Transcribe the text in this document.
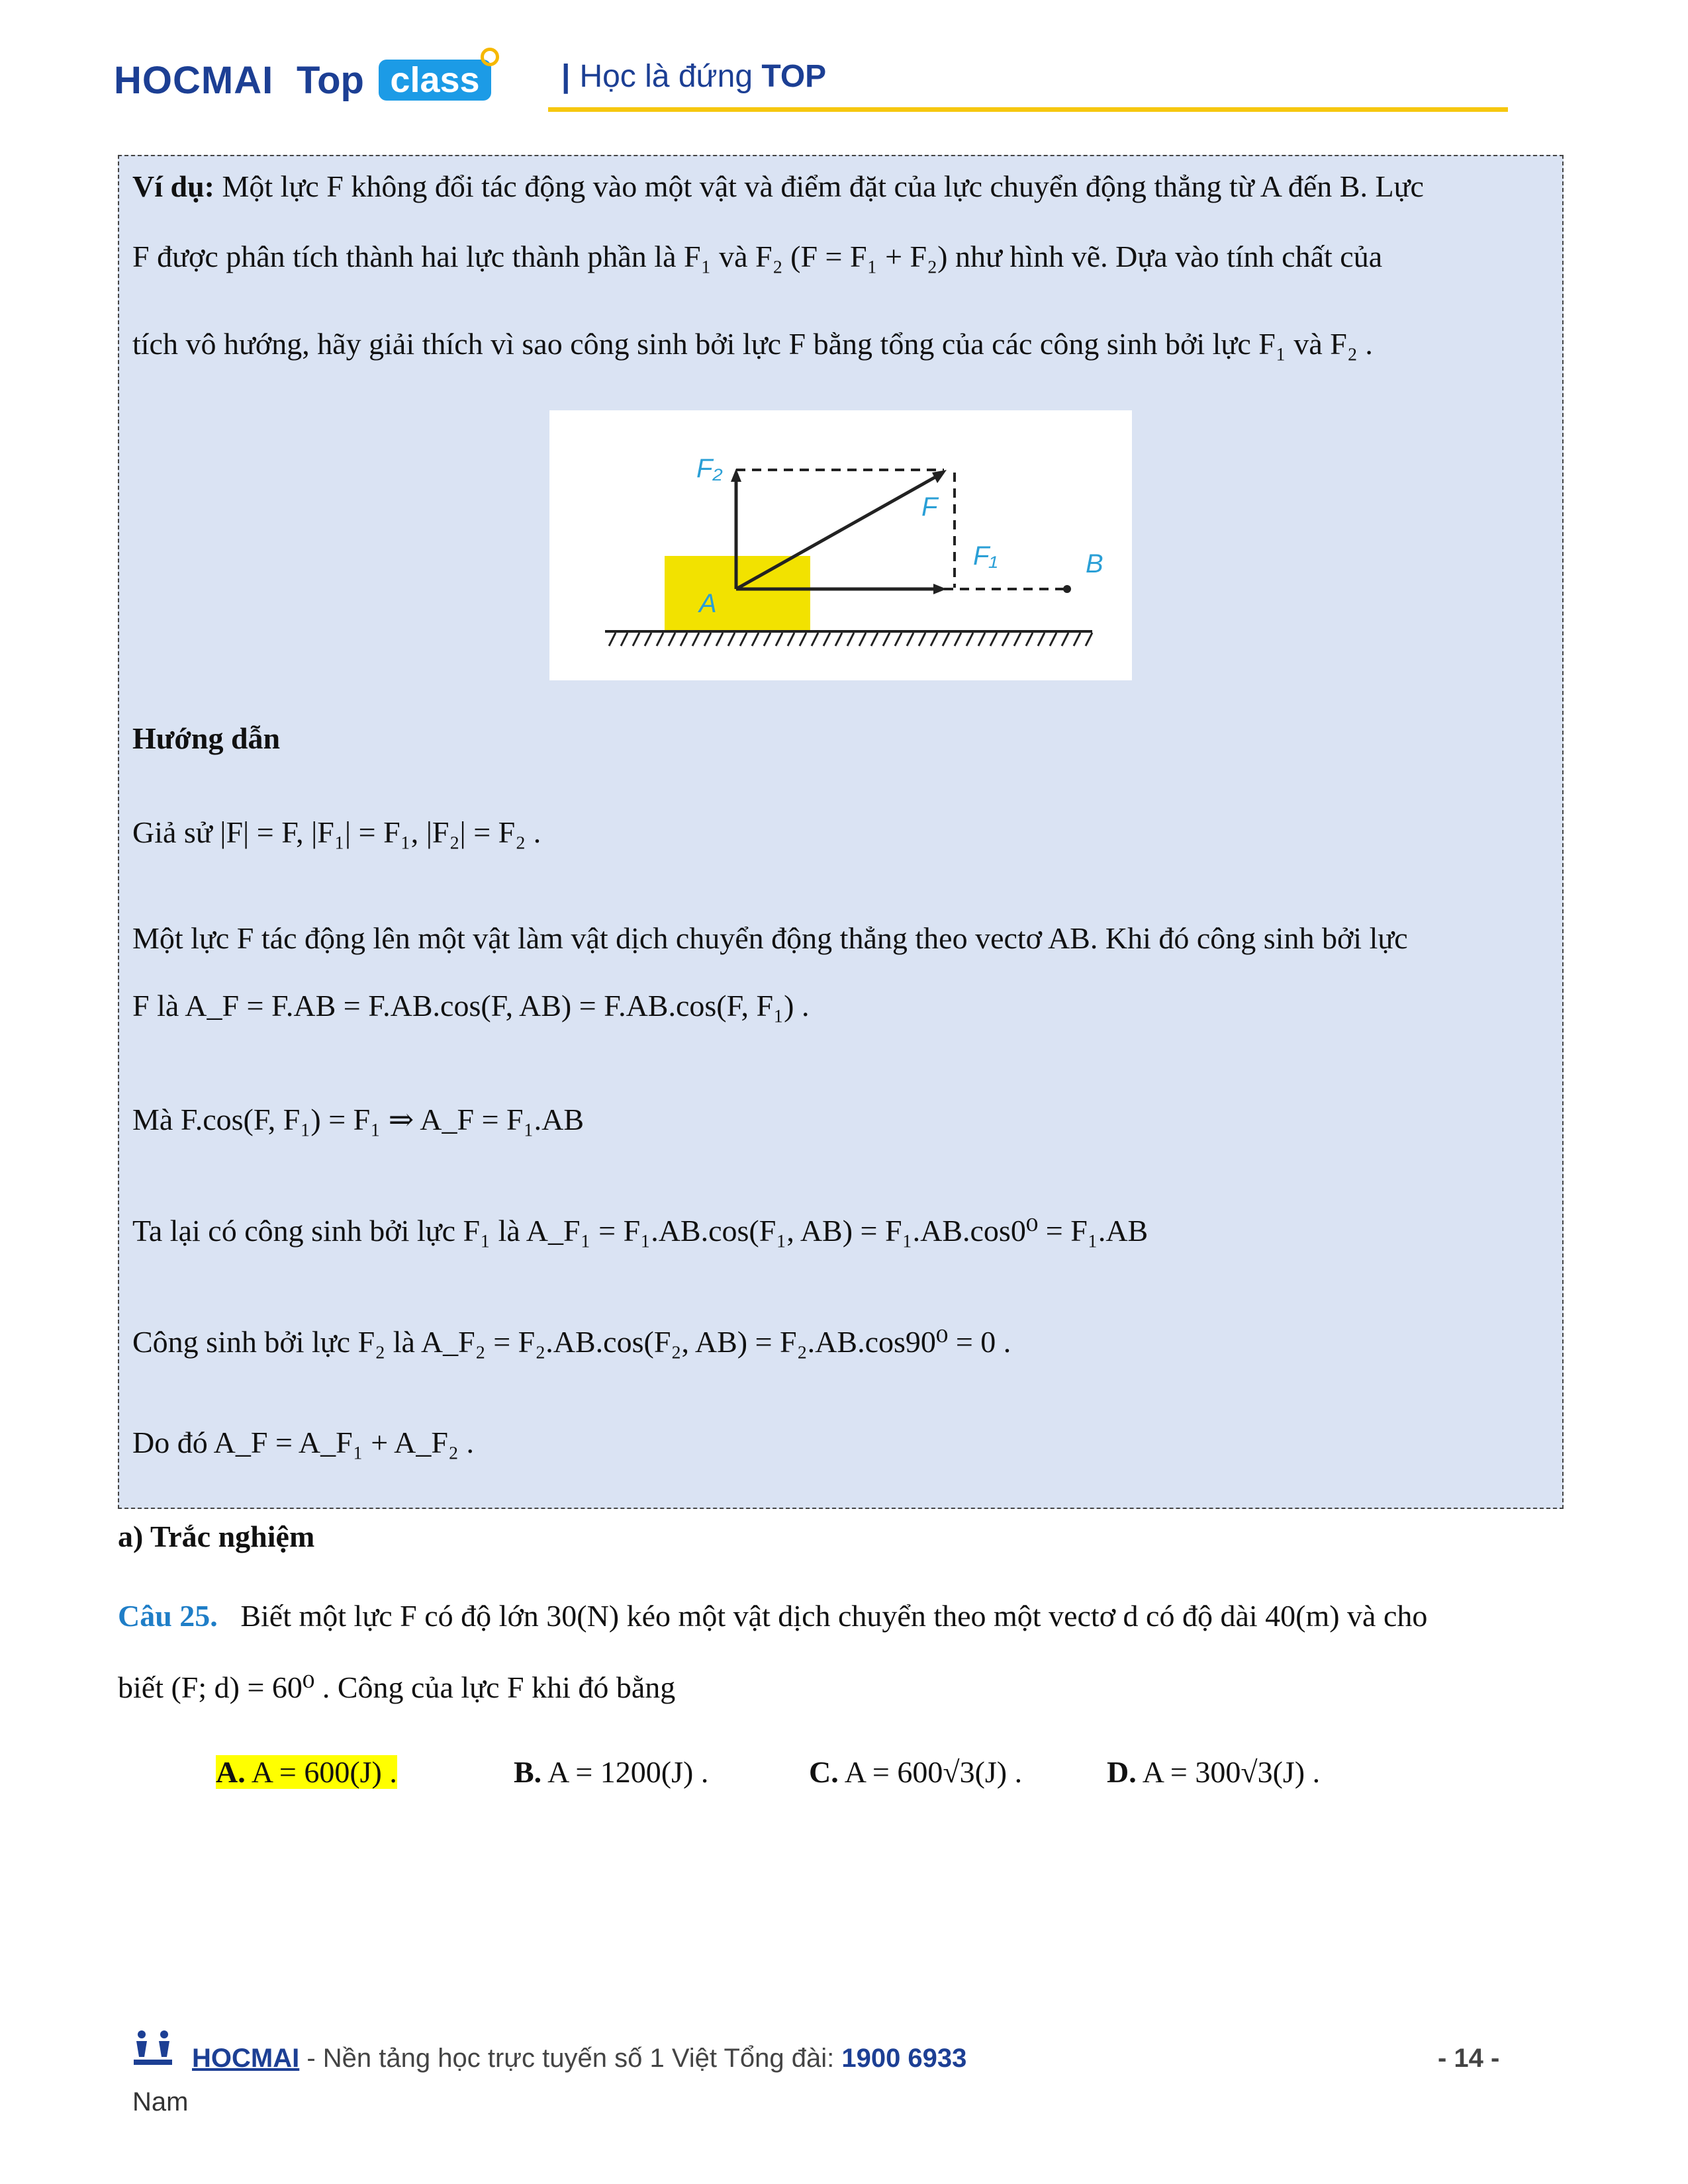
HOCMAI Top class	| Học là đứng TOP
Ví dụ: Một lực F không đổi tác động vào một vật và điểm đặt của lực chuyển động thẳng từ A đến B. Lực
F được phân tích thành hai lực thành phần là F₁ và F₂ (F = F₁ + F₂) như hình vẽ. Dựa vào tính chất của
tích vô hướng, hãy giải thích vì sao công sinh bởi lực F bằng tổng của các công sinh bởi lực F₁ và F₂ .
F₂
F
F₁
A
B
Hướng dẫn
Giả sử |F| = F, |F₁| = F₁, |F₂| = F₂ .
Một lực F tác động lên một vật làm vật dịch chuyển động thẳng theo vectơ AB. Khi đó công sinh bởi lực
F là A_F = F.AB = F.AB.cos(F, AB) = F.AB.cos(F, F₁) .
Mà F.cos(F, F₁) = F₁ ⇒ A_F = F₁.AB
Ta lại có công sinh bởi lực F₁ là A_F₁ = F₁.AB.cos(F₁, AB) = F₁.AB.cos0⁰ = F₁.AB
Công sinh bởi lực F₂ là A_F₂ = F₂.AB.cos(F₂, AB) = F₂.AB.cos90⁰ = 0 .
Do đó A_F = A_F₁ + A_F₂ .
a) Trắc nghiệm
Câu 25. Biết một lực F có độ lớn 30(N) kéo một vật dịch chuyển theo một vectơ d có độ dài 40(m) và cho
biết (F; d) = 60⁰ . Công của lực F khi đó bằng
A. A = 600(J) .	B. A = 1200(J) .	C. A = 600√3(J) .	D. A = 300√3(J) .
HOCMAI - Nền tảng học trực tuyến số 1 Việt Tổng đài: 1900 6933	- 14 -
Nam
